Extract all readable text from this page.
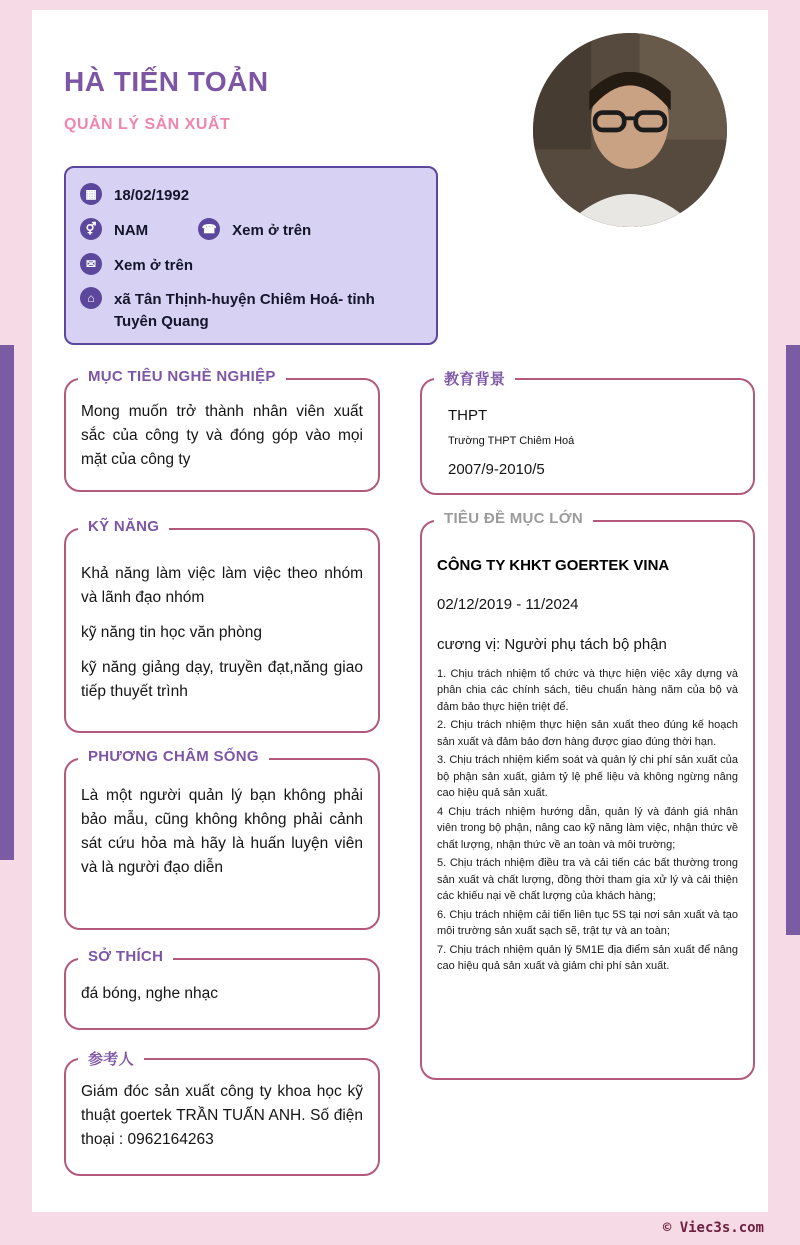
HÀ TIẾN TOẢN
QUẢN LÝ SẢN XUẤT
▦	18/02/1992
⚥	NAM	☎ Xem ở trên
✉	Xem ở trên
⌂	xã Tân Thịnh-huyện Chiêm Hoá- tỉnh Tuyên Quang
MỤC TIÊU NGHỀ NGHIỆP
Mong muốn trở thành nhân viên xuất sắc của công ty và đóng góp vào mọi mặt của công ty
KỸ NĂNG
Khả năng làm việc làm việc theo nhóm và lãnh đạo nhóm
kỹ năng tin học văn phòng
kỹ năng giảng dạy, truyền đạt,năng giao tiếp thuyết trình
PHƯƠNG CHÂM SỐNG
Là một người quản lý bạn không phải bảo mẫu, cũng không không phải cảnh sát cứu hỏa mà hãy là huấn luyện viên và là người đạo diễn
SỞ THÍCH
đá bóng, nghe nhạc
参考人
Giám đóc sản xuất công ty khoa học kỹ thuật goertek TRẦN TUẤN ANH. Số điện thoại : 0962164263
教育背景
THPT
Trường THPT Chiêm Hoá
2007/9-2010/5
TIÊU ĐỀ MỤC LỚN
CÔNG TY KHKT GOERTEK VINA
02/12/2019 - 11/2024
cương vị: Người phụ tách bộ phận
1. Chịu trách nhiệm tổ chức và thực hiện việc xây dựng và phân chia các chính sách, tiêu chuẩn hàng năm của bộ và đảm bảo thực hiện triệt để.
2. Chịu trách nhiệm thực hiện sản xuất theo đúng kế hoạch sản xuất và đảm bảo đơn hàng được giao đúng thời hạn.
3. Chịu trách nhiệm kiểm soát và quản lý chi phí sản xuất của bộ phận sản xuất, giảm tỷ lệ phế liệu và không ngừng nâng cao hiệu quả sản xuất.
4 Chịu trách nhiệm hướng dẫn, quản lý và đánh giá nhân viên trong bộ phận, nâng cao kỹ năng làm việc, nhận thức về chất lượng, nhận thức về an toàn và môi trường;
5. Chịu trách nhiệm điều tra và cải tiến các bất thường trong sản xuất và chất lượng, đồng thời tham gia xử lý và cải thiện các khiếu nại về chất lượng của khách hàng;
6. Chịu trách nhiệm cải tiến liên tục 5S tại nơi sản xuất và tạo môi trường sản xuất sạch sẽ, trật tự và an toàn;
7. Chịu trách nhiệm quản lý 5M1E địa điểm sản xuất để nâng cao hiệu quả sản xuất và giảm chi phí sản xuất.
© Viec3s.com
